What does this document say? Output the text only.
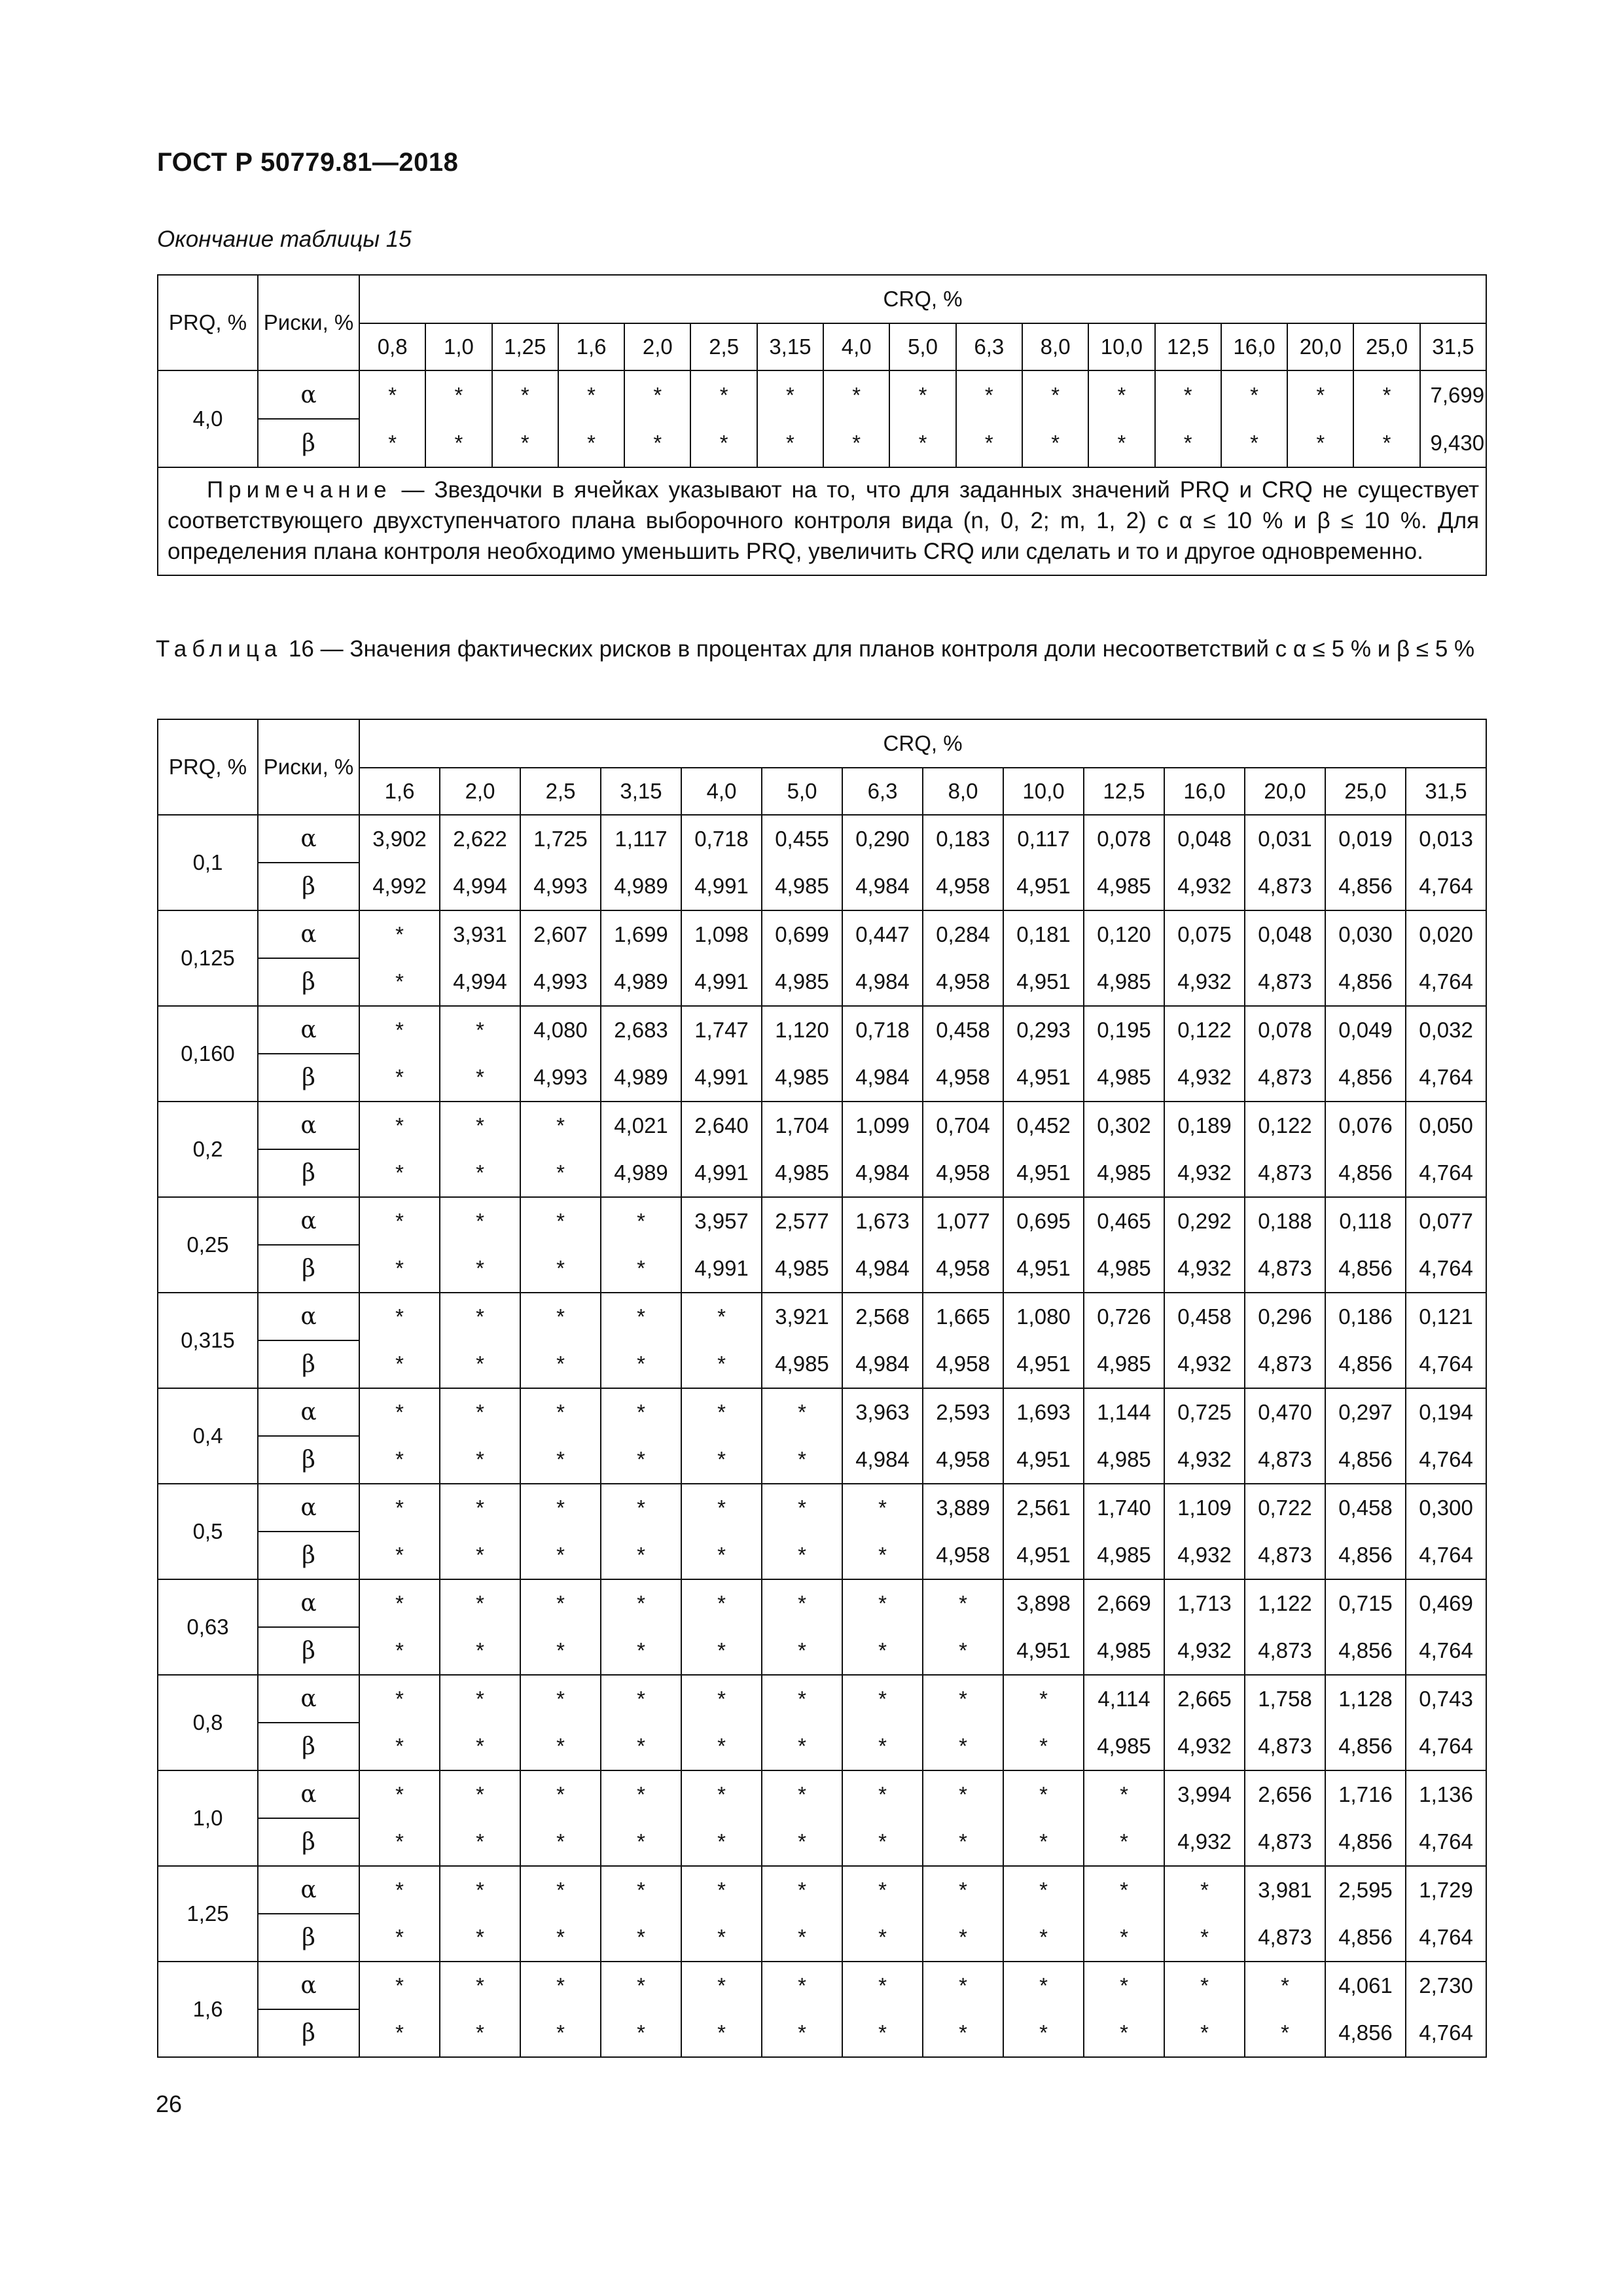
ГОСТ Р 50779.81—2018
Окончание таблицы 15
PRQ, %	Риски, %	CRQ, %																
		0,8	1,0	1,25	1,6	2,0	2,5	3,15	4,0	5,0	6,3	8,0	10,0	12,5	16,0	20,0	25,0	31,5
4,0	α	*	*	*	*	*	*	*	*	*	*	*	*	*	*	*	*	7,699
	β	*	*	*	*	*	*	*	*	*	*	*	*	*	*	*	*	9,430
Примечание — Звездочки в ячейках указывают на то, что для заданных значений PRQ и CRQ не существует соответствующего двухступенчатого плана выборочного контроля вида (n, 0, 2; m, 1, 2) с α ≤ 10 % и β ≤ 10 %. Для определения плана контроля необходимо уменьшить PRQ, увеличить CRQ или сделать и то и другое одновременно.																		
Таблица 16 — Значения фактических рисков в процентах для планов контроля доли несоответствий с α ≤ 5 % и β ≤ 5 %
PRQ, %	Риски, %	CRQ, %													
		1,6	2,0	2,5	3,15	4,0	5,0	6,3	8,0	10,0	12,5	16,0	20,0	25,0	31,5
0,1	α	3,902	2,622	1,725	1,117	0,718	0,455	0,290	0,183	0,117	0,078	0,048	0,031	0,019	0,013
	β	4,992	4,994	4,993	4,989	4,991	4,985	4,984	4,958	4,951	4,985	4,932	4,873	4,856	4,764
0,125	α	*	3,931	2,607	1,699	1,098	0,699	0,447	0,284	0,181	0,120	0,075	0,048	0,030	0,020
	β	*	4,994	4,993	4,989	4,991	4,985	4,984	4,958	4,951	4,985	4,932	4,873	4,856	4,764
0,160	α	*	*	4,080	2,683	1,747	1,120	0,718	0,458	0,293	0,195	0,122	0,078	0,049	0,032
	β	*	*	4,993	4,989	4,991	4,985	4,984	4,958	4,951	4,985	4,932	4,873	4,856	4,764
0,2	α	*	*	*	4,021	2,640	1,704	1,099	0,704	0,452	0,302	0,189	0,122	0,076	0,050
	β	*	*	*	4,989	4,991	4,985	4,984	4,958	4,951	4,985	4,932	4,873	4,856	4,764
0,25	α	*	*	*	*	3,957	2,577	1,673	1,077	0,695	0,465	0,292	0,188	0,118	0,077
	β	*	*	*	*	4,991	4,985	4,984	4,958	4,951	4,985	4,932	4,873	4,856	4,764
0,315	α	*	*	*	*	*	3,921	2,568	1,665	1,080	0,726	0,458	0,296	0,186	0,121
	β	*	*	*	*	*	4,985	4,984	4,958	4,951	4,985	4,932	4,873	4,856	4,764
0,4	α	*	*	*	*	*	*	3,963	2,593	1,693	1,144	0,725	0,470	0,297	0,194
	β	*	*	*	*	*	*	4,984	4,958	4,951	4,985	4,932	4,873	4,856	4,764
0,5	α	*	*	*	*	*	*	*	3,889	2,561	1,740	1,109	0,722	0,458	0,300
	β	*	*	*	*	*	*	*	4,958	4,951	4,985	4,932	4,873	4,856	4,764
0,63	α	*	*	*	*	*	*	*	*	3,898	2,669	1,713	1,122	0,715	0,469
	β	*	*	*	*	*	*	*	*	4,951	4,985	4,932	4,873	4,856	4,764
0,8	α	*	*	*	*	*	*	*	*	*	4,114	2,665	1,758	1,128	0,743
	β	*	*	*	*	*	*	*	*	*	4,985	4,932	4,873	4,856	4,764
1,0	α	*	*	*	*	*	*	*	*	*	*	3,994	2,656	1,716	1,136
	β	*	*	*	*	*	*	*	*	*	*	4,932	4,873	4,856	4,764
1,25	α	*	*	*	*	*	*	*	*	*	*	*	3,981	2,595	1,729
	β	*	*	*	*	*	*	*	*	*	*	*	4,873	4,856	4,764
1,6	α	*	*	*	*	*	*	*	*	*	*	*	*	4,061	2,730
	β	*	*	*	*	*	*	*	*	*	*	*	*	4,856	4,764
26
